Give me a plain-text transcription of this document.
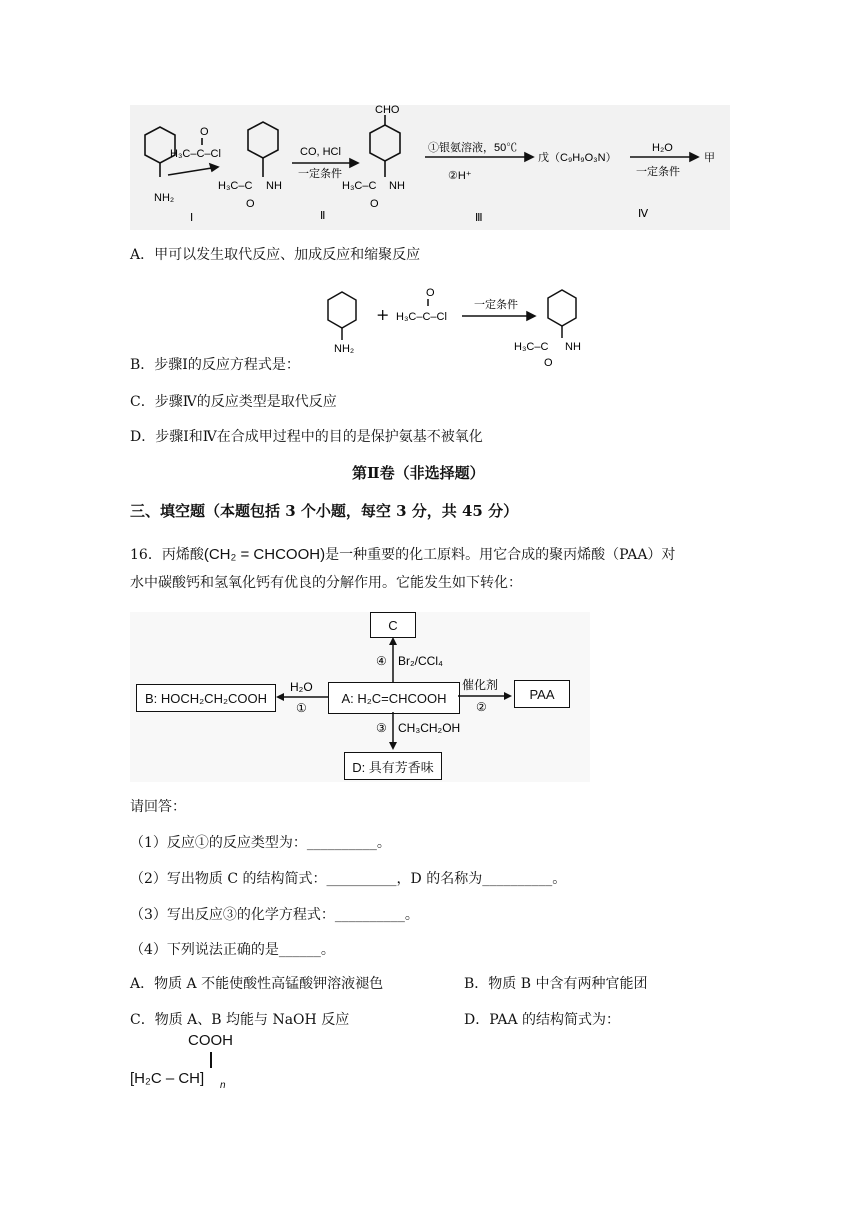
NH₂
H₃C–C–Cl
O
H₃C–C NH
O
CO, HCl
一定条件
CHO
H₃C–C NH
O
①银氨溶液，50℃
②H⁺
戊（C₉H₉O₃N）
H₂O
一定条件
甲
Ⅰ	Ⅱ	Ⅲ	Ⅳ
A．甲可以发生取代反应、加成反应和缩聚反应
NH₂
+ H₃C–C–Cl
O
一定条件
H₃C–C NH
O
B．步骤Ⅰ的反应方程式是：
C．步骤Ⅳ的反应类型是取代反应
D．步骤Ⅰ和Ⅳ在合成甲过程中的目的是保护氨基不被氧化
第Ⅱ卷（非选择题）
三、填空题（本题包括 3 个小题，每空 3 分，共 45 分）
16．丙烯酸(CH₂ = CHCOOH)是一种重要的化工原料。用它合成的聚丙烯酸（PAA）对
水中碳酸钙和氢氧化钙有优良的分解作用。它能发生如下转化：
C
A: H₂C=CHCOOH
B: HOCH₂CH₂COOH	PAA
D: 具有芳香味
④ Br₂/CCl₄
H₂O
①
催化剂
②
③ CH₃CH₂OH
请回答：
（1）反应①的反应类型为：__________。
（2）写出物质 C 的结构简式：__________，D 的名称为__________。
（3）写出反应③的化学方程式：__________。
（4）下列说法正确的是______。
A．物质 A 不能使酸性高锰酸钾溶液褪色	B．物质 B 中含有两种官能团
C．物质 A、B 均能与 NaOH 反应	D．PAA 的结构简式为：
COOH
[H₂C – CH] n
